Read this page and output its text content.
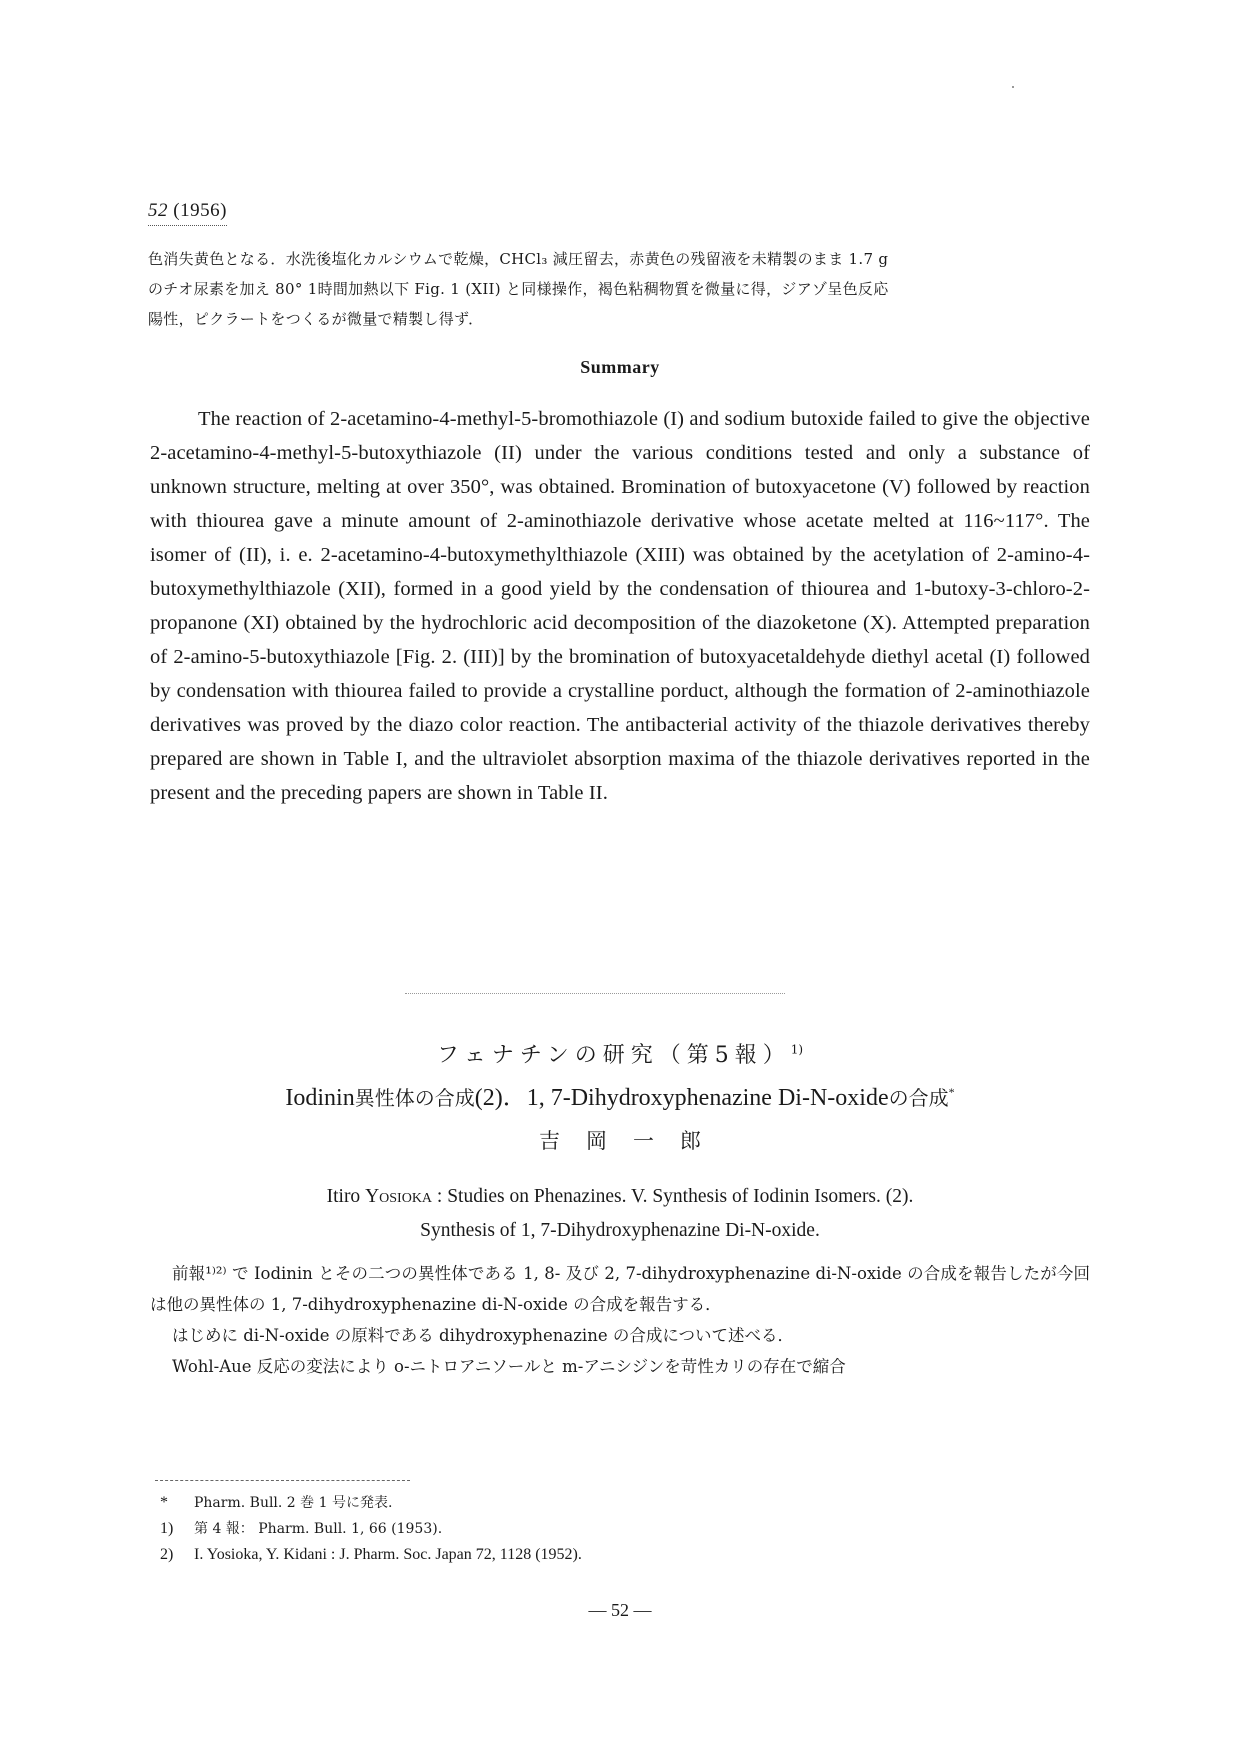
52 (1956)
色消失黄色となる．水洗後塩化カルシウムで乾燥，CHCl₃ 減圧留去，赤黄色の残留液を未精製のまま 1.7 g
のチオ尿素を加え 80° 1時間加熱以下 Fig. 1 (XII) と同様操作，褐色粘稠物質を微量に得，ジアゾ呈色反応
陽性，ピクラートをつくるが微量で精製し得ず．
Summary
The reaction of 2-acetamino-4-methyl-5-bromothiazole (I) and sodium butoxide failed to give the objective 2-acetamino-4-methyl-5-butoxythiazole (II) under the various conditions tested and only a substance of unknown structure, melting at over 350°, was obtained. Bromination of butoxyacetone (V) followed by reaction with thiourea gave a minute amount of 2-aminothiazole derivative whose acetate melted at 116~117°. The isomer of (II), i. e. 2-acetamino-4-butoxymethylthiazole (XIII) was obtained by the acetylation of 2-amino-4-butoxymethylthiazole (XII), formed in a good yield by the condensation of thiourea and 1-butoxy-3-chloro-2-propanone (XI) obtained by the hydrochloric acid decomposition of the diazoketone (X). Attempted preparation of 2-amino-5-butoxythiazole [Fig. 2. (III)] by the bromination of butoxyacetaldehyde diethyl acetal (I) followed by condensation with thiourea failed to provide a crystalline porduct, although the formation of 2-aminothiazole derivatives was proved by the diazo color reaction. The antibacterial activity of the thiazole derivatives thereby prepared are shown in Table I, and the ultraviolet absorption maxima of the thiazole derivatives reported in the present and the preceding papers are shown in Table II.
フェナチンの研究（第5報）$^{1)}$
Iodinin異性体の合成(2)．1, 7-Dihydroxyphenazine Di-N-oxideの合成*
吉岡一郎
Itiro Yosioka : Studies on Phenazines. V. Synthesis of Iodinin Isomers. (2).
Synthesis of 1, 7-Dihydroxyphenazine Di-N-oxide.
前報¹⁾²⁾ で Iodinin とその二つの異性体である 1, 8- 及び 2, 7-dihydroxyphenazine di-N-oxide の合成を報告したが今回は他の異性体の 1, 7-dihydroxyphenazine di-N-oxide の合成を報告する．
はじめに di-N-oxide の原料である dihydroxyphenazine の合成について述べる．
Wohl-Aue 反応の変法により o-ニトロアニソールと m-アニシジンを苛性カリの存在で縮合
*	Pharm. Bull. 2 巻 1 号に発表.
1)	第 4 報： Pharm. Bull. 1, 66 (1953).
2)	I. Yosioka, Y. Kidani : J. Pharm. Soc. Japan 72, 1128 (1952).
— 52 —
